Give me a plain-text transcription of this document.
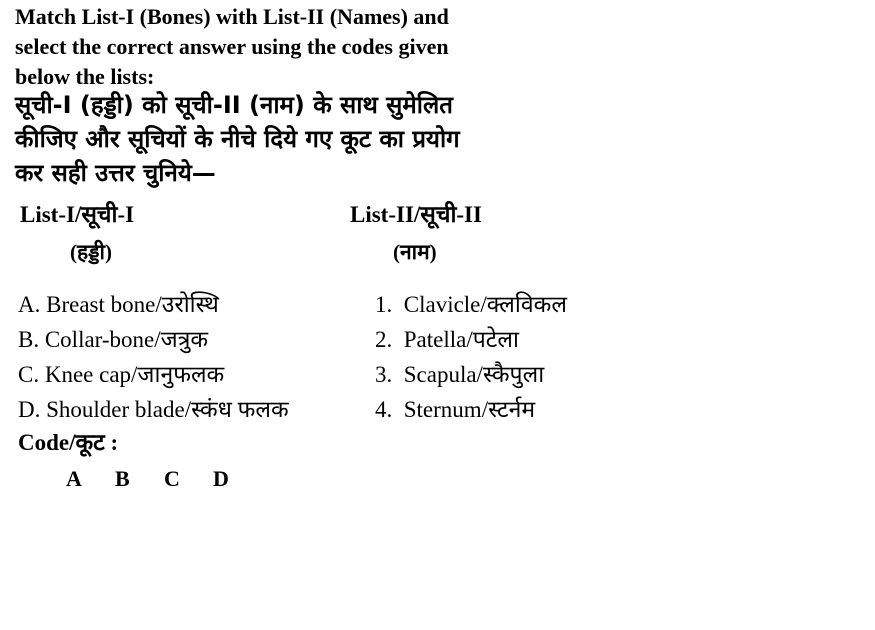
Match List-I (Bones) with List-II (Names) and

select the correct answer using the codes given

below the lists:

सूची-I (हड्डी) को सूची-II (नाम) के साथ सुमेलित

कीजिए और सूचियों के नीचे दिये गए कूट का प्रयोग

कर सही उत्तर चुनिये—

List-I/सूची-I
(हड्डी)
List-II/सूची-II
(नाम)
A. Breast bone/उरोस्थि
B. Collar-bone/जत्रुक
C. Knee cap/जानुफलक
D. Shoulder blade/स्कंध फलक
1.  Clavicle/क्लविकल
2.  Patella/पटेला
3.  Scapula/स्कैपुला
4.  Sternum/स्टर्नम
Code/कूट :
A B C D
